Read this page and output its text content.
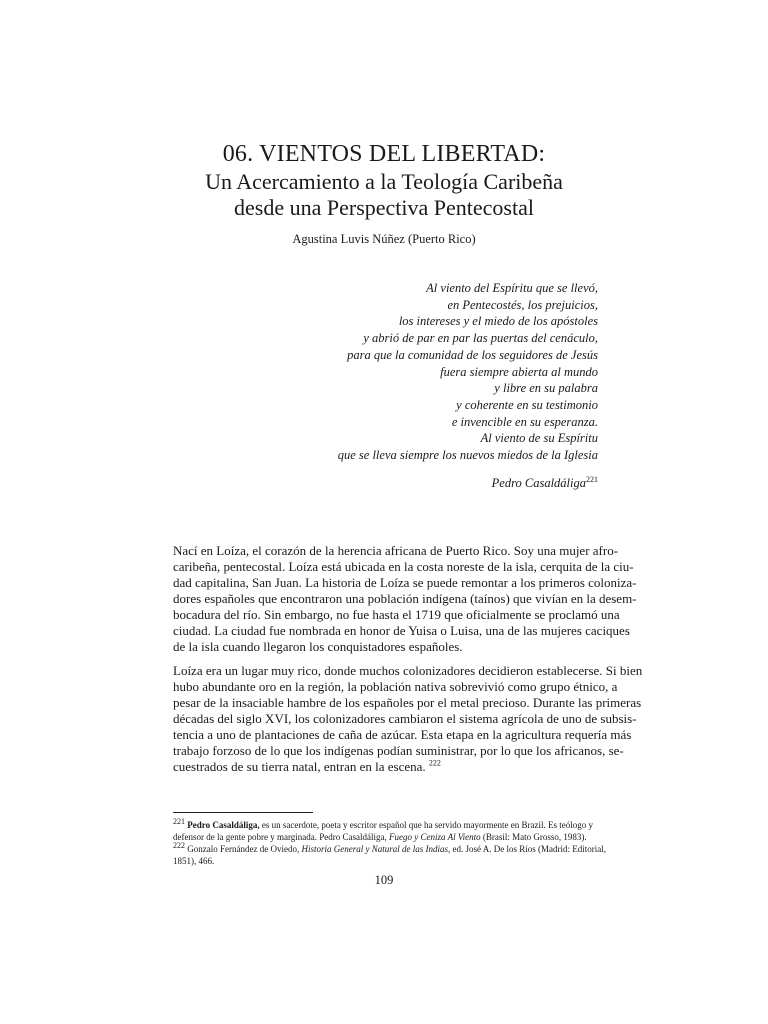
06. VIENTOS DEL LIBERTAD:
Un Acercamiento a la Teología Caribeña
desde una Perspectiva Pentecostal
Agustina Luvis Núñez (Puerto Rico)
Al viento del Espíritu que se llevó,
en Pentecostés, los prejuicios,
los intereses y el miedo de los apóstoles
y abrió de par en par las puertas del cenáculo,
para que la comunidad de los seguidores de Jesús
fuera siempre abierta al mundo
y libre en su palabra
y coherente en su testimonio
e invencible en su esperanza.
Al viento de su Espíritu
que se lleva siempre los nuevos miedos de la Iglesia
Pedro Casaldáliga$^{221}$
Nací en Loíza, el corazón de la herencia africana de Puerto Rico. Soy una mujer afro-
caribeña, pentecostal. Loíza está ubicada en la costa noreste de la isla, cerquita de la ciu-
dad capitalina, San Juan. La historia de Loíza se puede remontar a los primeros coloniza-
dores españoles que encontraron una población indígena (taínos) que vivían en la desem-
bocadura del río. Sin embargo, no fue hasta el 1719 que oficialmente se proclamó una
ciudad. La ciudad fue nombrada en honor de Yuisa o Luisa, una de las mujeres caciques
de la isla cuando llegaron los conquistadores españoles.
Loíza era un lugar muy rico, donde muchos colonizadores decidieron establecerse. Si bien
hubo abundante oro en la región, la población nativa sobrevivió como grupo étnico, a
pesar de la insaciable hambre de los españoles por el metal precioso. Durante las primeras
décadas del siglo XVI, los colonizadores cambiaron el sistema agrícola de uno de subsis-
tencia a uno de plantaciones de caña de azúcar. Esta etapa en la agricultura requería más
trabajo forzoso de lo que los indígenas podían suministrar, por lo que los africanos, se-
cuestrados de su tierra natal, entran en la escena. $^{222}$
$^{221}$ Pedro Casaldáliga, es un sacerdote, poeta y escritor español que ha servido mayormente en Brazil. Es teólogo y
defensor de la gente pobre y marginada. Pedro Casaldáliga, Fuego y Ceniza Al Viento (Brasil: Mato Grosso, 1983).
$^{222}$ Gonzalo Fernández de Oviedo, Historia General y Natural de las Indias, ed. José A. De los Ríos (Madrid: Editorial,
1851), 466.
109
